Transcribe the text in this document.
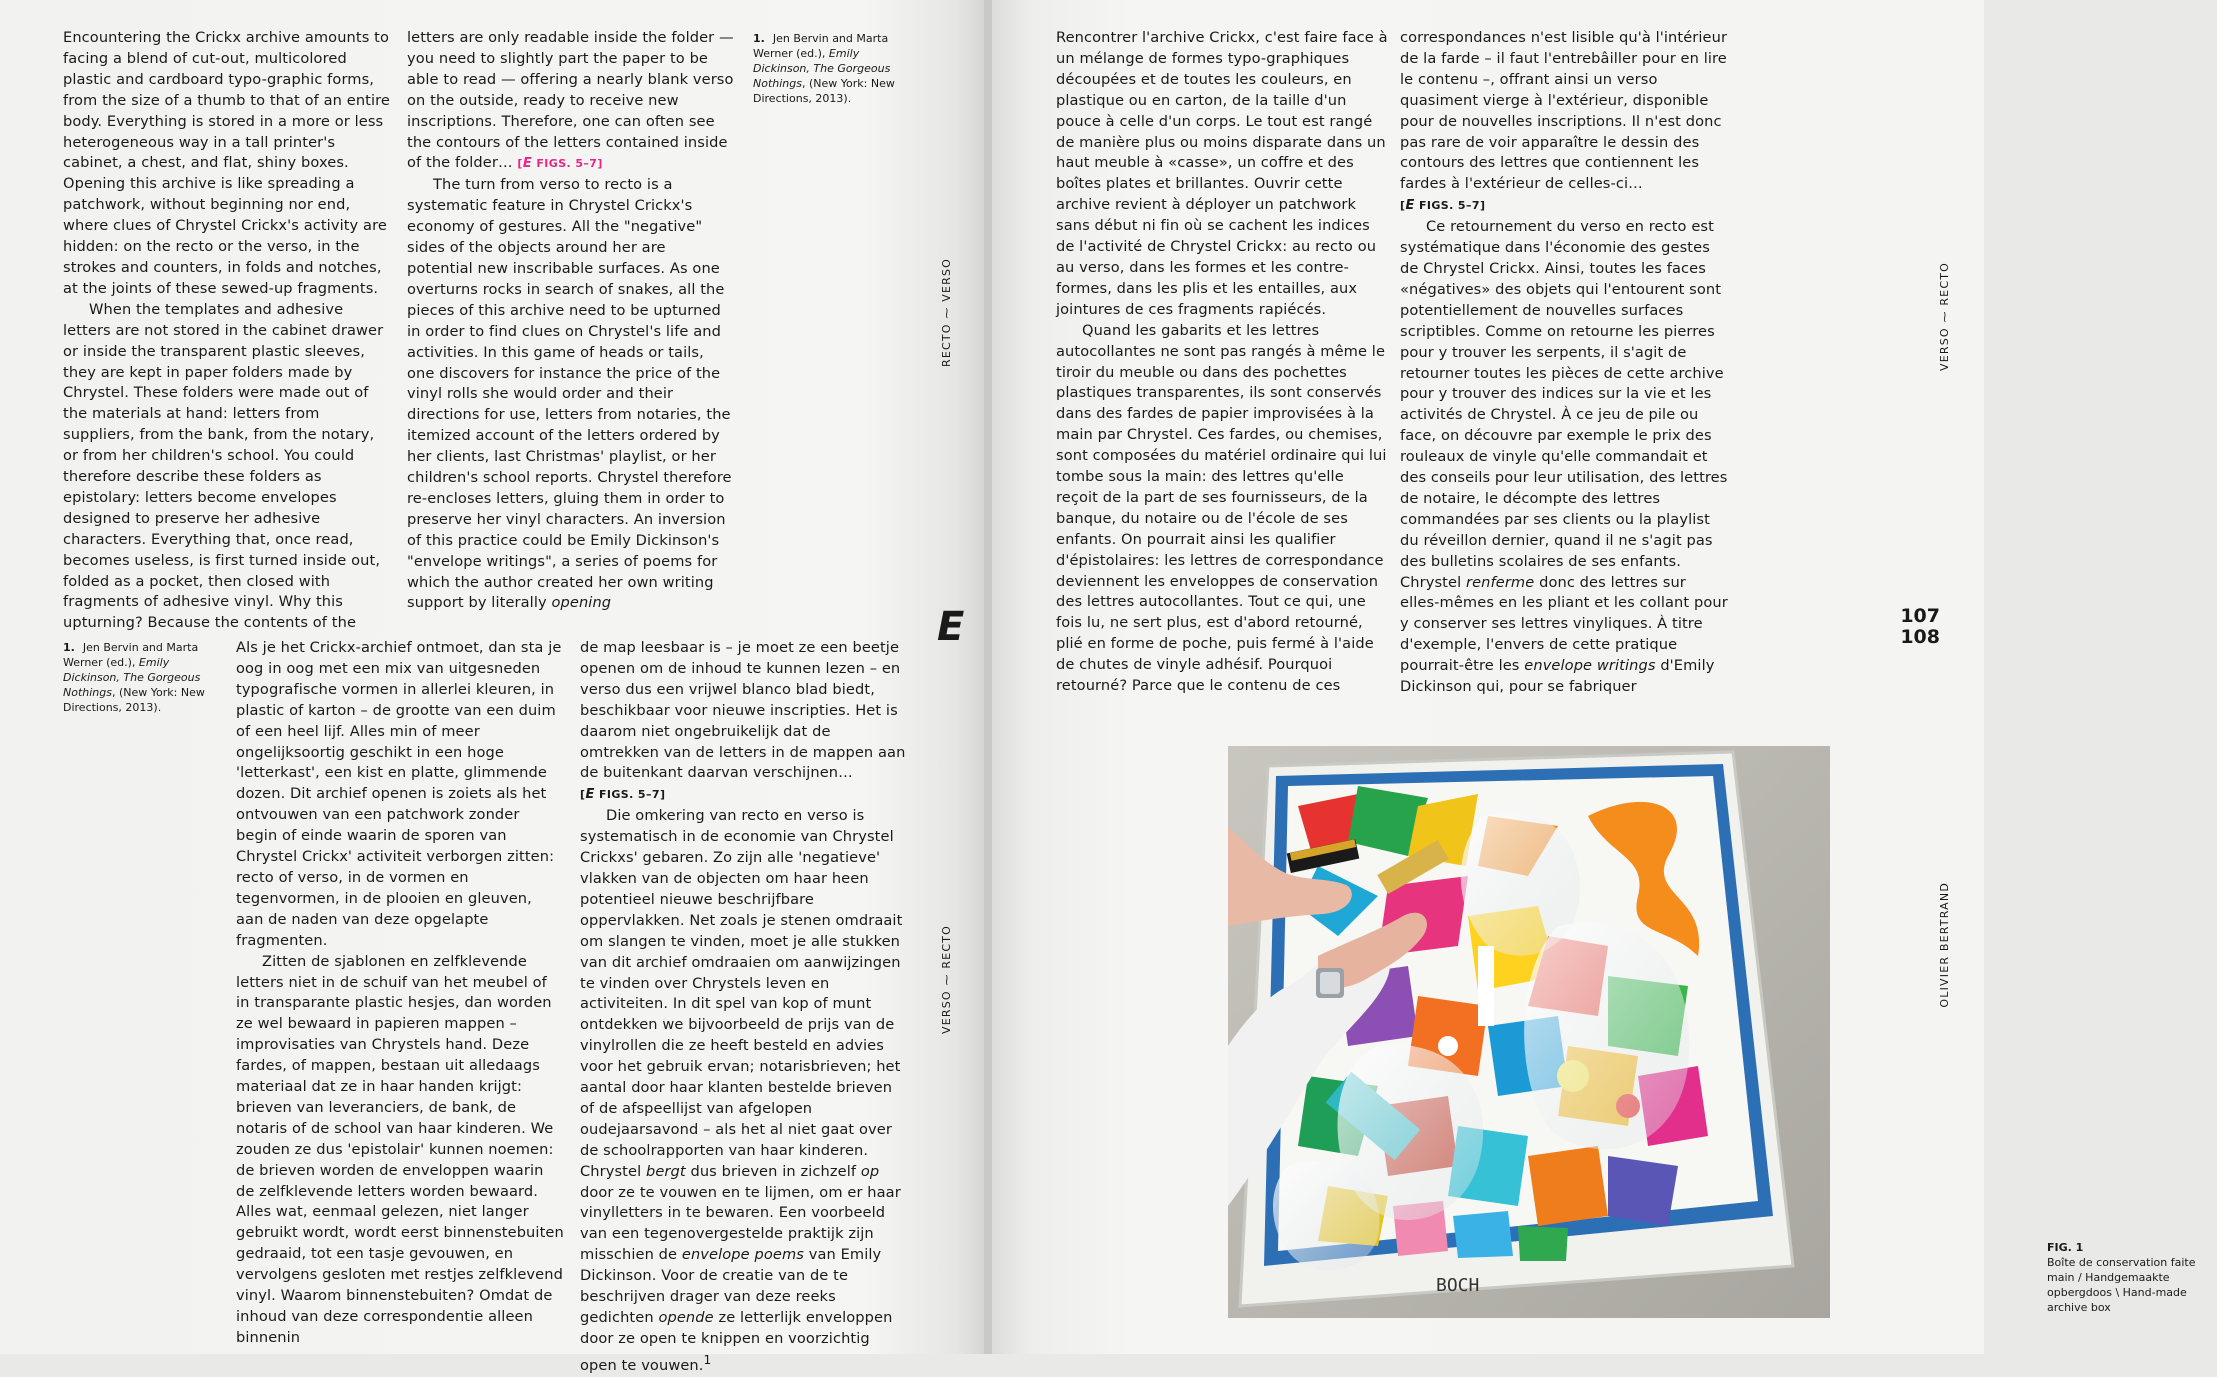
Encountering the Crickx archive amounts to facing a blend of cut-out, multicolored plastic and cardboard typo-graphic forms, from the size of a thumb to that of an entire body. Everything is stored in a more or less heterogeneous way in a tall printer's cabinet, a chest, and flat, shiny boxes. Opening this archive is like spreading a patchwork, without beginning nor end, where clues of Chrystel Crickx's activity are hidden: on the recto or the verso, in the strokes and counters, in folds and notches, at the joints of these sewed-up fragments.

When the templates and adhesive letters are not stored in the cabinet drawer or inside the transparent plastic sleeves, they are kept in paper folders made by Chrystel. These folders were made out of the materials at hand: letters from suppliers, from the bank, from the notary, or from her children's school. You could therefore describe these folders as epistolary: letters become envelopes designed to preserve her adhesive characters. Everything that, once read, becomes useless, is first turned inside out, folded as a pocket, then closed with fragments of adhesive vinyl. Why this upturning? Because the contents of the

letters are only readable inside the folder — you need to slightly part the paper to be able to read — offering a nearly blank verso on the outside, ready to receive new inscriptions. Therefore, one can often see the contours of the letters contained inside of the folder… [E FIGS. 5–7]

The turn from verso to recto is a systematic feature in Chrystel Crickx's economy of gestures. All the "negative" sides of the objects around her are potential new inscribable surfaces. As one overturns rocks in search of snakes, all the pieces of this archive need to be upturned in order to find clues on Chrystel's life and activities. In this game of heads or tails, one discovers for instance the price of the vinyl rolls she would order and their directions for use, letters from notaries, the itemized account of the letters ordered by her clients, last Christmas' playlist, or her children's school reports. Chrystel therefore re-encloses letters, gluing them in order to preserve her vinyl characters. An inversion of this practice could be Emily Dickinson's "envelope writings", a series of poems for which the author created her own writing support by literally opening

1. Jen Bervin and Marta Werner (ed.), Emily Dickinson, The Gorgeous Nothings, (New York: New Directions, 2013).
1. Jen Bervin and Marta Werner (ed.), Emily Dickinson, The Gorgeous Nothings, (New York: New Directions, 2013).

Als je het Crickx-archief ontmoet, dan sta je oog in oog met een mix van uitgesneden typografische vormen in allerlei kleuren, in plastic of karton – de grootte van een duim of een heel lijf. Alles min of meer ongelijksoortig geschikt in een hoge 'letterkast', een kist en platte, glimmende dozen. Dit archief openen is zoiets als het ontvouwen van een patchwork zonder begin of einde waarin de sporen van Chrystel Crickx' activiteit verborgen zitten: recto of verso, in de vormen en tegenvormen, in de plooien en gleuven, aan de naden van deze opgelapte fragmenten.

Zitten de sjablonen en zelfklevende letters niet in de schuif van het meubel of in transparante plastic hesjes, dan worden ze wel bewaard in papieren mappen – improvisaties van Chrystels hand. Deze fardes, of mappen, bestaan uit alledaags materiaal dat ze in haar handen krijgt: brieven van leveranciers, de bank, de notaris of de school van haar kinderen. We zouden ze dus 'epistolair' kunnen noemen: de brieven worden de enveloppen waarin de zelfklevende letters worden bewaard. Alles wat, eenmaal gelezen, niet langer gebruikt wordt, wordt eerst binnenstebuiten gedraaid, tot een tasje gevouwen, en vervolgens gesloten met restjes zelfklevend vinyl. Waarom binnenstebuiten? Omdat de inhoud van deze correspondentie alleen binnenin

de map leesbaar is – je moet ze een beetje openen om de inhoud te kunnen lezen – en verso dus een vrijwel blanco blad biedt, beschikbaar voor nieuwe inscripties. Het is daarom niet ongebruikelijk dat de omtrekken van de letters in de mappen aan de buitenkant daarvan verschijnen… [E FIGS. 5–7]

Die omkering van recto en verso is systematisch in de economie van Chrystel Crickxs' gebaren. Zo zijn alle 'negatieve' vlakken van de objecten om haar heen potentieel nieuwe beschrijfbare oppervlakken. Net zoals je stenen omdraait om slangen te vinden, moet je alle stukken van dit archief omdraaien om aanwijzingen te vinden over Chrystels leven en activiteiten. In dit spel van kop of munt ontdekken we bijvoorbeeld de prijs van de vinylrollen die ze heeft besteld en advies voor het gebruik ervan; notarisbrieven; het aantal door haar klanten bestelde brieven of de afspeellijst van afgelopen oudejaarsavond – als het al niet gaat over de schoolrapporten van haar kinderen. Chrystel bergt dus brieven in zichzelf op door ze te vouwen en te lijmen, om er haar vinylletters in te bewaren. Een voorbeeld van een tegenovergestelde praktijk zijn misschien de envelope poems van Emily Dickinson. Voor de creatie van de te beschrijven drager van deze reeks gedichten opende ze letterlijk enveloppen door ze open te knippen en voorzichtig open te vouwen.$^1$

RECTO ⁓ VERSO
E
VERSO ⁓ RECTO

Rencontrer l'archive Crickx, c'est faire face à un mélange de formes typo-graphiques découpées et de toutes les couleurs, en plastique ou en carton, de la taille d'un pouce à celle d'un corps. Le tout est rangé de manière plus ou moins disparate dans un haut meuble à «casse», un coffre et des boîtes plates et brillantes. Ouvrir cette archive revient à déployer un patchwork sans début ni fin où se cachent les indices de l'activité de Chrystel Crickx: au recto ou au verso, dans les formes et les contre-formes, dans les plis et les entailles, aux jointures de ces fragments rapiécés.

Quand les gabarits et les lettres autocollantes ne sont pas rangés à même le tiroir du meuble ou dans des pochettes plastiques transparentes, ils sont conservés dans des fardes de papier improvisées à la main par Chrystel. Ces fardes, ou chemises, sont composées du matériel ordinaire qui lui tombe sous la main: des lettres qu'elle reçoit de la part de ses fournisseurs, de la banque, du notaire ou de l'école de ses enfants. On pourrait ainsi les qualifier d'épistolaires: les lettres de correspondance deviennent les enveloppes de conservation des lettres autocollantes. Tout ce qui, une fois lu, ne sert plus, est d'abord retourné, plié en forme de poche, puis fermé à l'aide de chutes de vinyle adhésif. Pourquoi retourné? Parce que le contenu de ces

correspondances n'est lisible qu'à l'intérieur de la farde – il faut l'entrebâiller pour en lire le contenu –, offrant ainsi un verso quasiment vierge à l'extérieur, disponible pour de nouvelles inscriptions. Il n'est donc pas rare de voir apparaître le dessin des contours des lettres que contiennent les fardes à l'extérieur de celles-ci… [E FIGS. 5–7]

Ce retournement du verso en recto est systématique dans l'économie des gestes de Chrystel Crickx. Ainsi, toutes les faces «négatives» des objets qui l'entourent sont potentiellement de nouvelles surfaces scriptibles. Comme on retourne les pierres pour y trouver les serpents, il s'agit de retourner toutes les pièces de cette archive pour y trouver des indices sur la vie et les activités de Chrystel. À ce jeu de pile ou face, on découvre par exemple le prix des rouleaux de vinyle qu'elle commandait et des conseils pour leur utilisation, des lettres de notaire, le décompte des lettres commandées par ses clients ou la playlist du réveillon dernier, quand il ne s'agit pas des bulletins scolaires de ses enfants. Chrystel renferme donc des lettres sur elles-mêmes en les pliant et les collant pour y conserver ses lettres vinyliques. À titre d'exemple, l'envers de cette pratique pourrait-être les envelope writings d'Emily Dickinson qui, pour se fabriquer

VERSO ⁓ RECTO
107
108
OLIVIER BERTRAND
FIG. 1
Boîte de conservation faite main / Handgemaakte opbergdoos \ Hand-made archive box
BOCH
